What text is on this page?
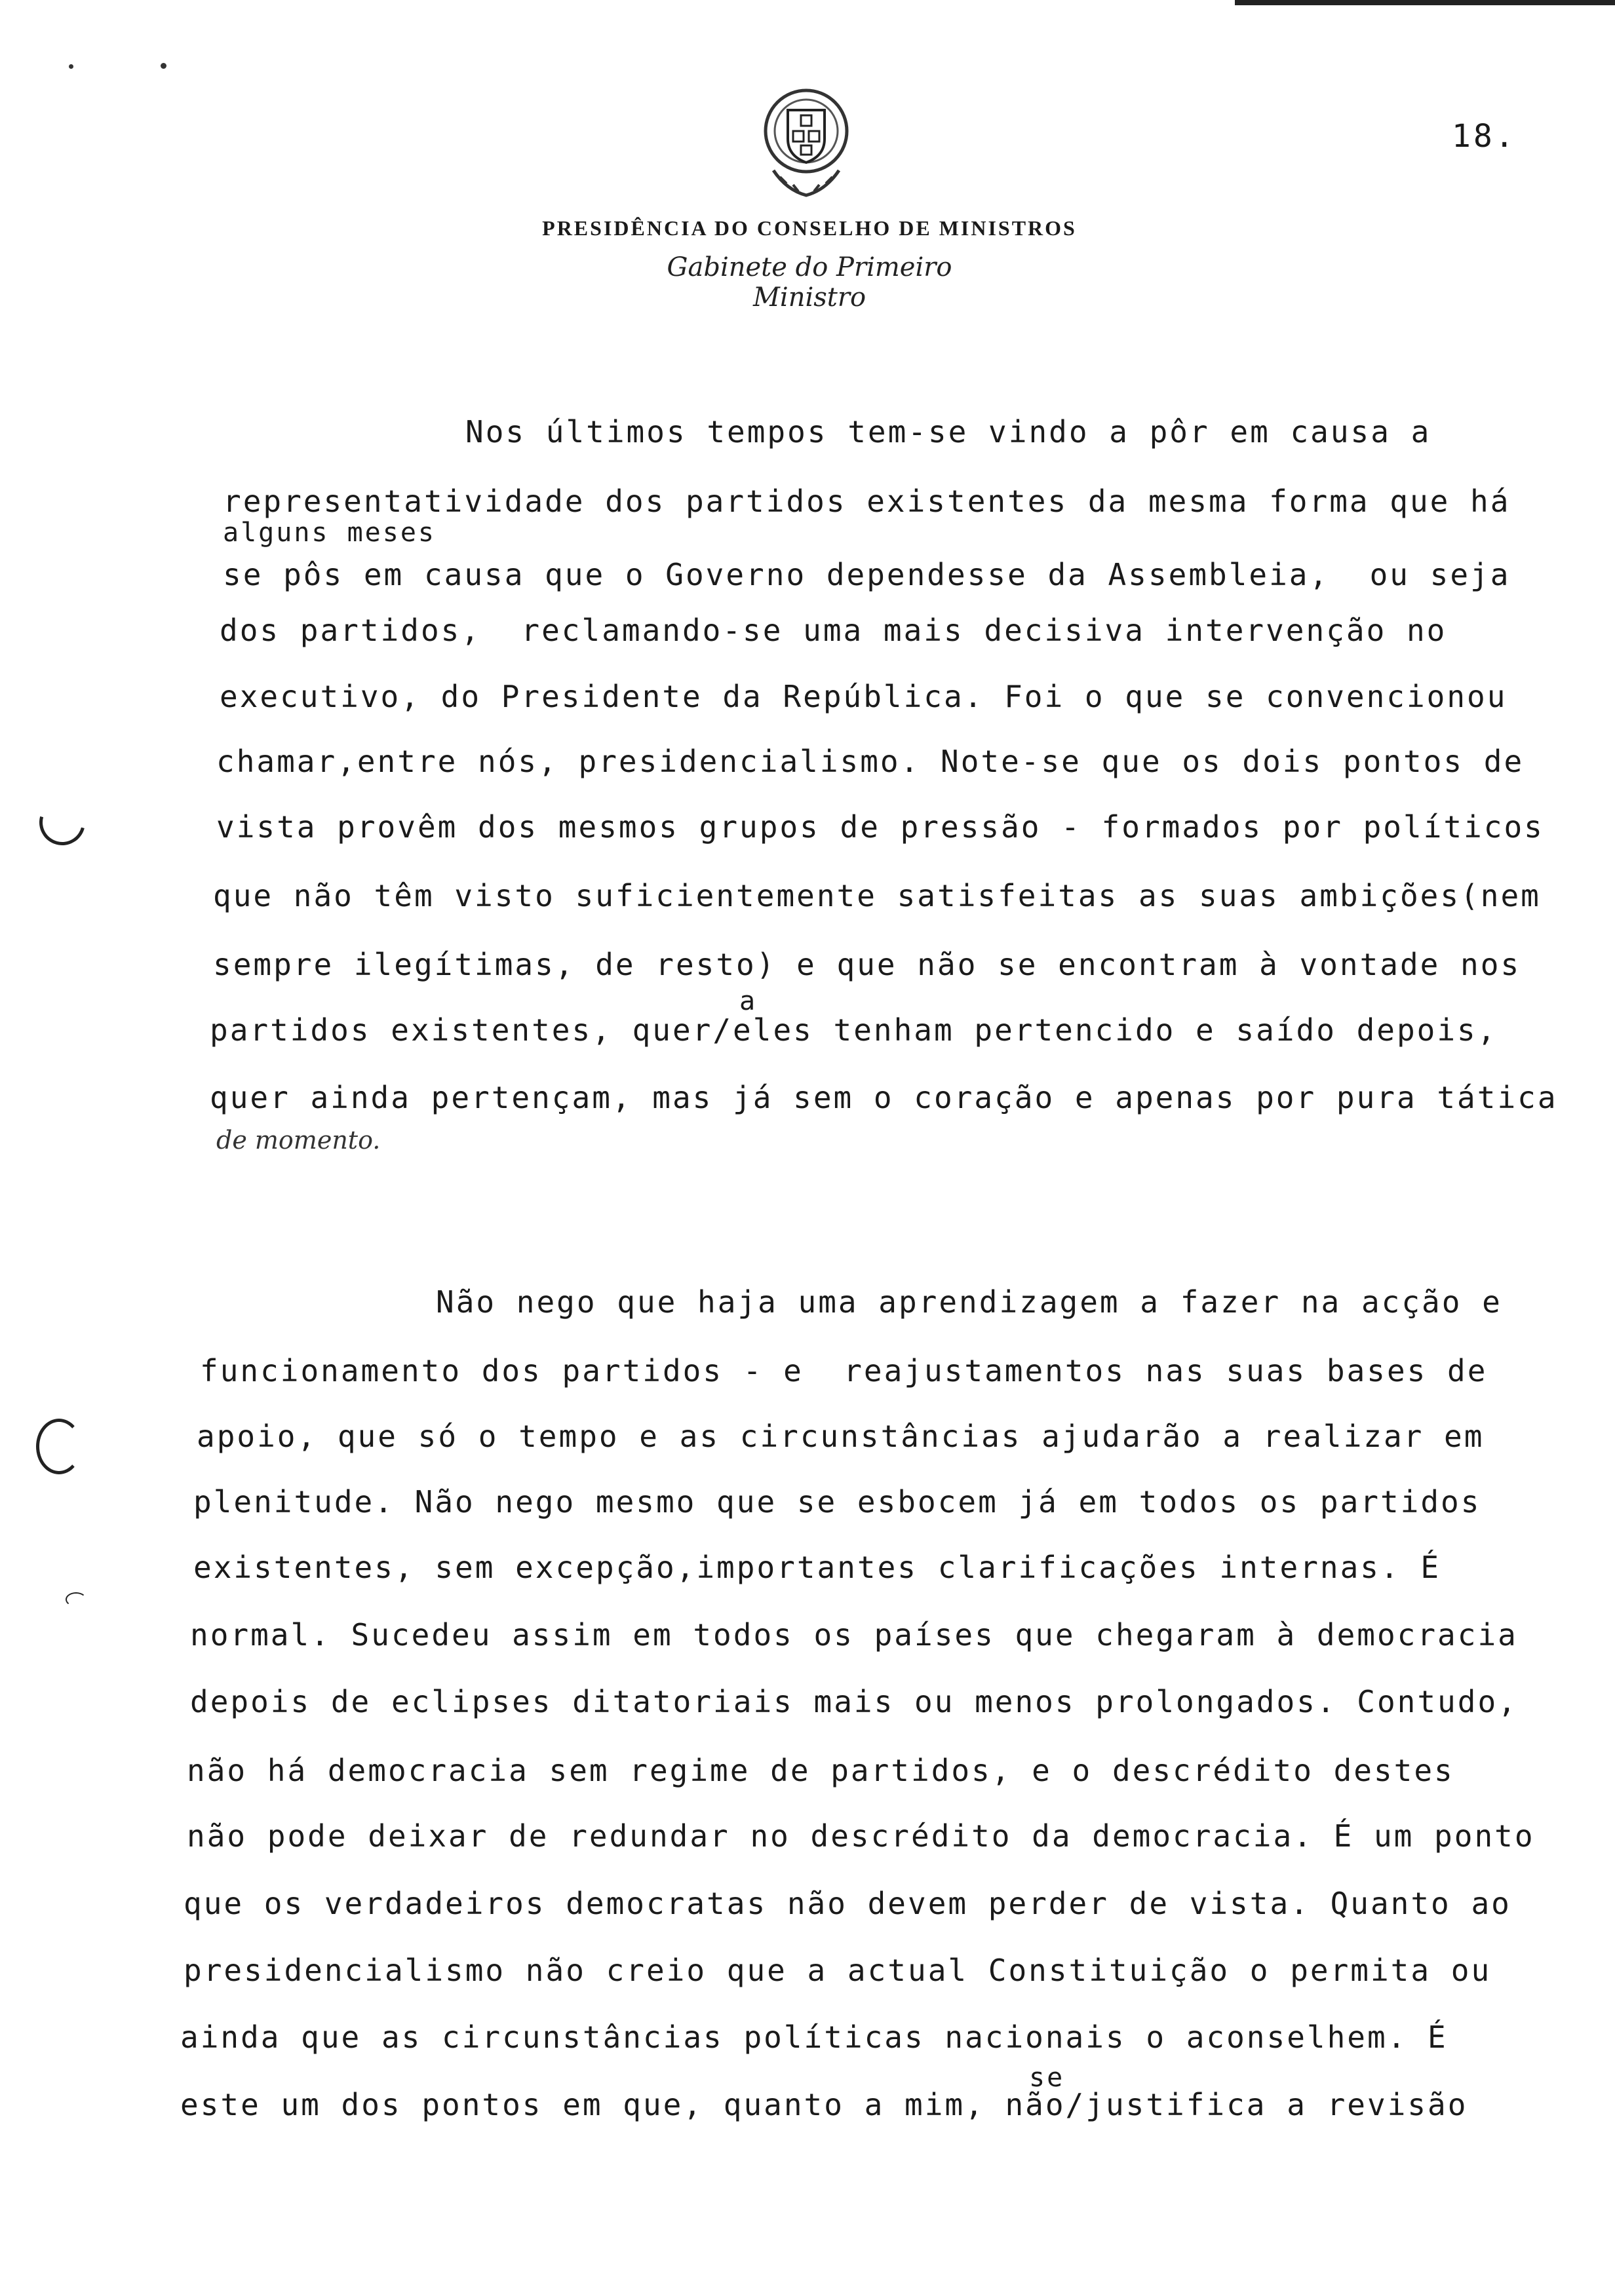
18.
PRESIDÊNCIA DO CONSELHO DE MINISTROS
Gabinete do Primeiro Ministro
Nos últimos tempos tem-se vindo a pôr em causa a
representatividade dos partidos existentes da mesma forma que há
alguns meses
se pôs em causa que o Governo dependesse da Assembleia,  ou seja
dos partidos,  reclamando-se uma mais decisiva intervenção no
executivo, do Presidente da República. Foi o que se convencionou
chamar,entre nós, presidencialismo. Note-se que os dois pontos de
vista provêm dos mesmos grupos de pressão - formados por políticos
que não têm visto suficientemente satisfeitas as suas ambições(nem
sempre ilegítimas, de resto) e que não se encontram à vontade nos
a
partidos existentes, quer/eles tenham pertencido e saído depois,
quer ainda pertençam, mas já sem o coração e apenas por pura tática
de momento.
Não nego que haja uma aprendizagem a fazer na acção e
funcionamento dos partidos - e  reajustamentos nas suas bases de
apoio, que só o tempo e as circunstâncias ajudarão a realizar em
plenitude. Não nego mesmo que se esbocem já em todos os partidos
existentes, sem excepção,importantes clarificações internas. É
normal. Sucedeu assim em todos os países que chegaram à democracia
depois de eclipses ditatoriais mais ou menos prolongados. Contudo,
não há democracia sem regime de partidos, e o descrédito destes
não pode deixar de redundar no descrédito da democracia. É um ponto
que os verdadeiros democratas não devem perder de vista. Quanto ao
presidencialismo não creio que a actual Constituição o permita ou
ainda que as circunstâncias políticas nacionais o aconselhem. É
se
este um dos pontos em que, quanto a mim, não/justifica a revisão
